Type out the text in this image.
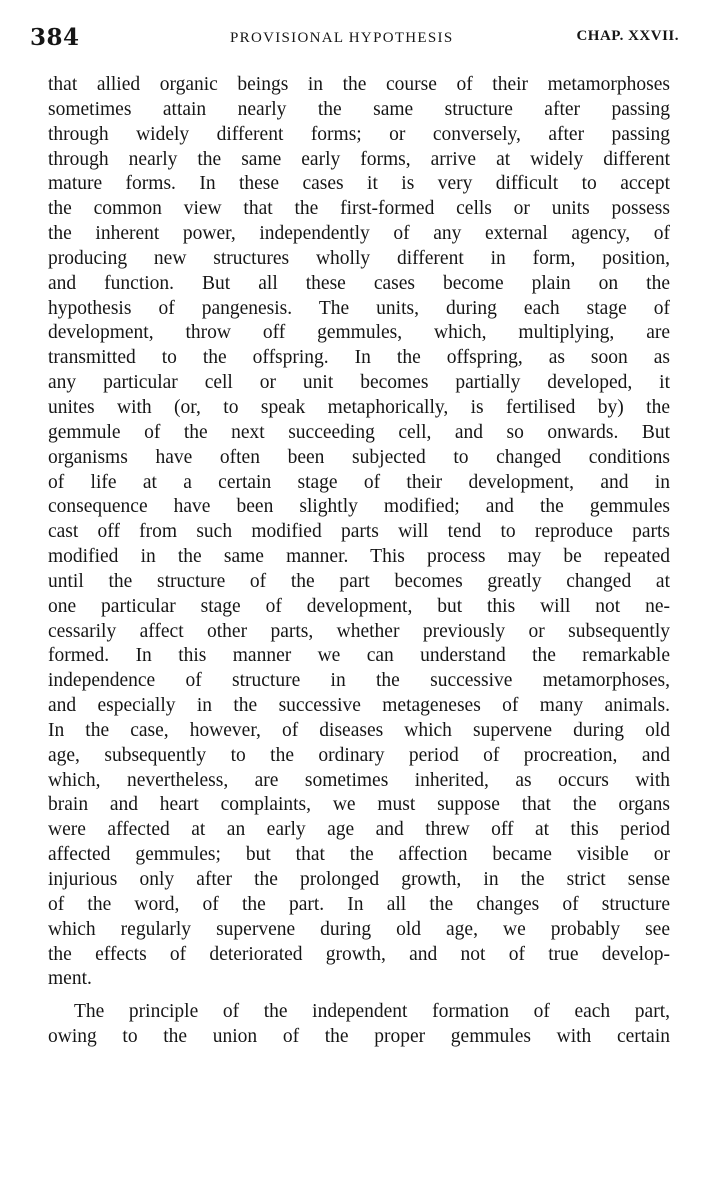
384	PROVISIONAL HYPOTHESIS	CHAP. XXVII.
that allied organic beings in the course of their metamorphoses
sometimes attain nearly the same structure after passing
through widely different forms; or conversely, after passing
through nearly the same early forms, arrive at widely different
mature forms. In these cases it is very difficult to accept
the common view that the first-formed cells or units possess
the inherent power, independently of any external agency, of
producing new structures wholly different in form, position,
and function. But all these cases become plain on the
hypothesis of pangenesis. The units, during each stage of
development, throw off gemmules, which, multiplying, are
transmitted to the offspring. In the offspring, as soon as
any particular cell or unit becomes partially developed, it
unites with (or, to speak metaphorically, is fertilised by) the
gemmule of the next succeeding cell, and so onwards. But
organisms have often been subjected to changed conditions
of life at a certain stage of their development, and in
consequence have been slightly modified; and the gemmules
cast off from such modified parts will tend to reproduce parts
modified in the same manner. This process may be repeated
until the structure of the part becomes greatly changed at
one particular stage of development, but this will not ne-
cessarily affect other parts, whether previously or subsequently
formed. In this manner we can understand the remarkable
independence of structure in the successive metamorphoses,
and especially in the successive metageneses of many animals.
In the case, however, of diseases which supervene during old
age, subsequently to the ordinary period of procreation, and
which, nevertheless, are sometimes inherited, as occurs with
brain and heart complaints, we must suppose that the organs
were affected at an early age and threw off at this period
affected gemmules; but that the affection became visible or
injurious only after the prolonged growth, in the strict sense
of the word, of the part. In all the changes of structure
which regularly supervene during old age, we probably see
the effects of deteriorated growth, and not of true develop-
ment.
The principle of the independent formation of each part,
owing to the union of the proper gemmules with certain
